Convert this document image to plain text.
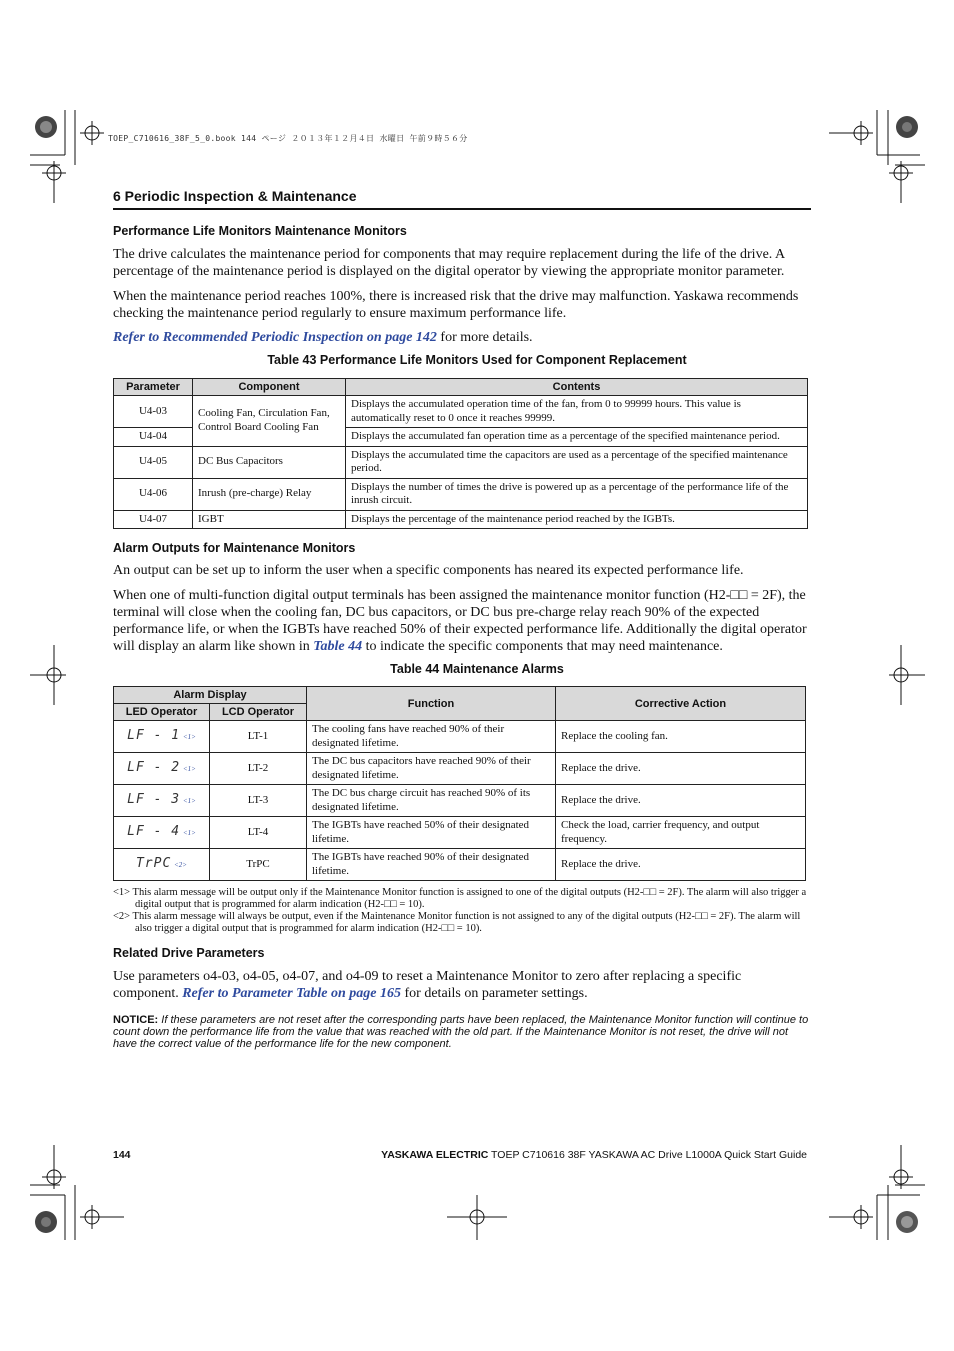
TOEP_C710616_38F_5_0.book 144 ページ ２０１３年１２月４日 水曜日 午前９時５６分
6 Periodic Inspection & Maintenance
Performance Life Monitors Maintenance Monitors

The drive calculates the maintenance period for components that may require replacement during the life of the drive. A percentage of the maintenance period is displayed on the digital operator by viewing the appropriate monitor parameter.

When the maintenance period reaches 100%, there is increased risk that the drive may malfunction. Yaskawa recommends checking the maintenance period regularly to ensure maximum performance life.

Refer to Recommended Periodic Inspection on page 142 for more details.

Table 43 Performance Life Monitors Used for Component Replacement
Parameter	Component	Contents
U4-03	Cooling Fan, Circulation Fan, Control Board Cooling Fan	Displays the accumulated operation time of the fan, from 0 to 99999 hours. This value is automatically reset to 0 once it reaches 99999.
U4-04		Displays the accumulated fan operation time as a percentage of the specified maintenance period.
U4-05	DC Bus Capacitors	Displays the accumulated time the capacitors are used as a percentage of the specified maintenance period.
U4-06	Inrush (pre-charge) Relay	Displays the number of times the drive is powered up as a percentage of the performance life of the inrush circuit.
U4-07	IGBT	Displays the percentage of the maintenance period reached by the IGBTs.
Alarm Outputs for Maintenance Monitors

An output can be set up to inform the user when a specific components has neared its expected performance life.

When one of multi-function digital output terminals has been assigned the maintenance monitor function (H2-□□ = 2F), the terminal will close when the cooling fan, DC bus capacitors, or DC bus pre-charge relay reach 90% of the expected performance life, or when the IGBTs have reached 50% of their expected performance life. Additionally the digital operator will display an alarm like shown in Table 44 to indicate the specific components that may need maintenance.

Table 44 Maintenance Alarms
Alarm Display		Function	Corrective Action
LED Operator	LCD Operator		
LF - 1 <1>	LT-1	The cooling fans have reached 90% of their designated lifetime.	Replace the cooling fan.
LF - 2 <1>	LT-2	The DC bus capacitors have reached 90% of their designated lifetime.	Replace the drive.
LF - 3 <1>	LT-3	The DC bus charge circuit has reached 90% of its designated lifetime.	Replace the drive.
LF - 4 <1>	LT-4	The IGBTs have reached 50% of their designated lifetime.	Check the load, carrier frequency, and output frequency.
TrPC <2>	TrPC	The IGBTs have reached 90% of their designated lifetime.	Replace the drive.
<1> This alarm message will be output only if the Maintenance Monitor function is assigned to one of the digital outputs (H2-□□ = 2F). The alarm will also trigger a digital output that is programmed for alarm indication (H2-□□ = 10).
<2> This alarm message will always be output, even if the Maintenance Monitor function is not assigned to any of the digital outputs (H2-□□ = 2F). The alarm will also trigger a digital output that is programmed for alarm indication (H2-□□ = 10).
Related Drive Parameters

Use parameters o4-03, o4-05, o4-07, and o4-09 to reset a Maintenance Monitor to zero after replacing a specific component. Refer to Parameter Table on page 165 for details on parameter settings.

NOTICE: If these parameters are not reset after the corresponding parts have been replaced, the Maintenance Monitor function will continue to count down the performance life from the value that was reached with the old part. If the Maintenance Monitor is not reset, the drive will not have the correct value of the performance life for the new component.

144	YASKAWA ELECTRIC TOEP C710616 38F YASKAWA AC Drive L1000A Quick Start Guide
